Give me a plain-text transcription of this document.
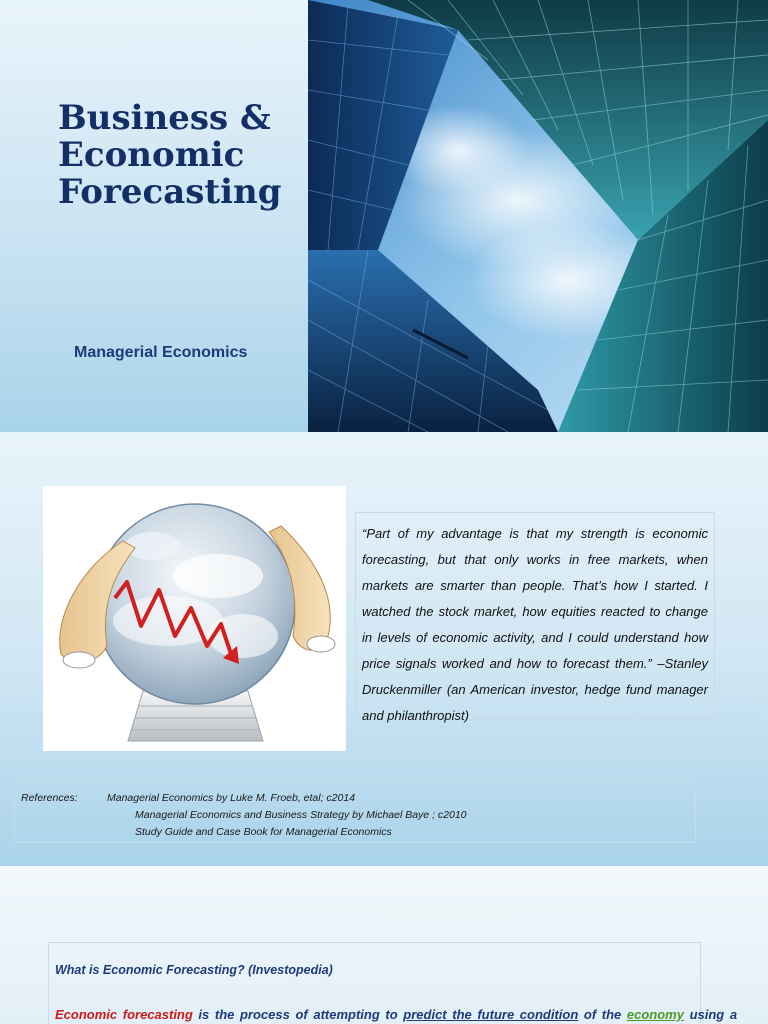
Business &
Economic
Forecasting
Managerial Economics
“Part of my advantage is that my strength is economic forecasting, but that only works in free markets, when markets are smarter than people. That’s how I started. I watched the stock market, how equities reacted to change in levels of economic activity, and I could understand how price signals worked and how to forecast them.” –Stanley Druckenmiller (an American investor, hedge fund manager and philanthropist)
References:	Managerial Economics by Luke M. Froeb, etal; c2014
Managerial Economics and Business Strategy by Michael Baye ; c2010
Study Guide and Case Book for Managerial Economics
What is Economic Forecasting? (Investopedia)
Economic forecasting is the process of attempting to predict the future condition of the economy using a
